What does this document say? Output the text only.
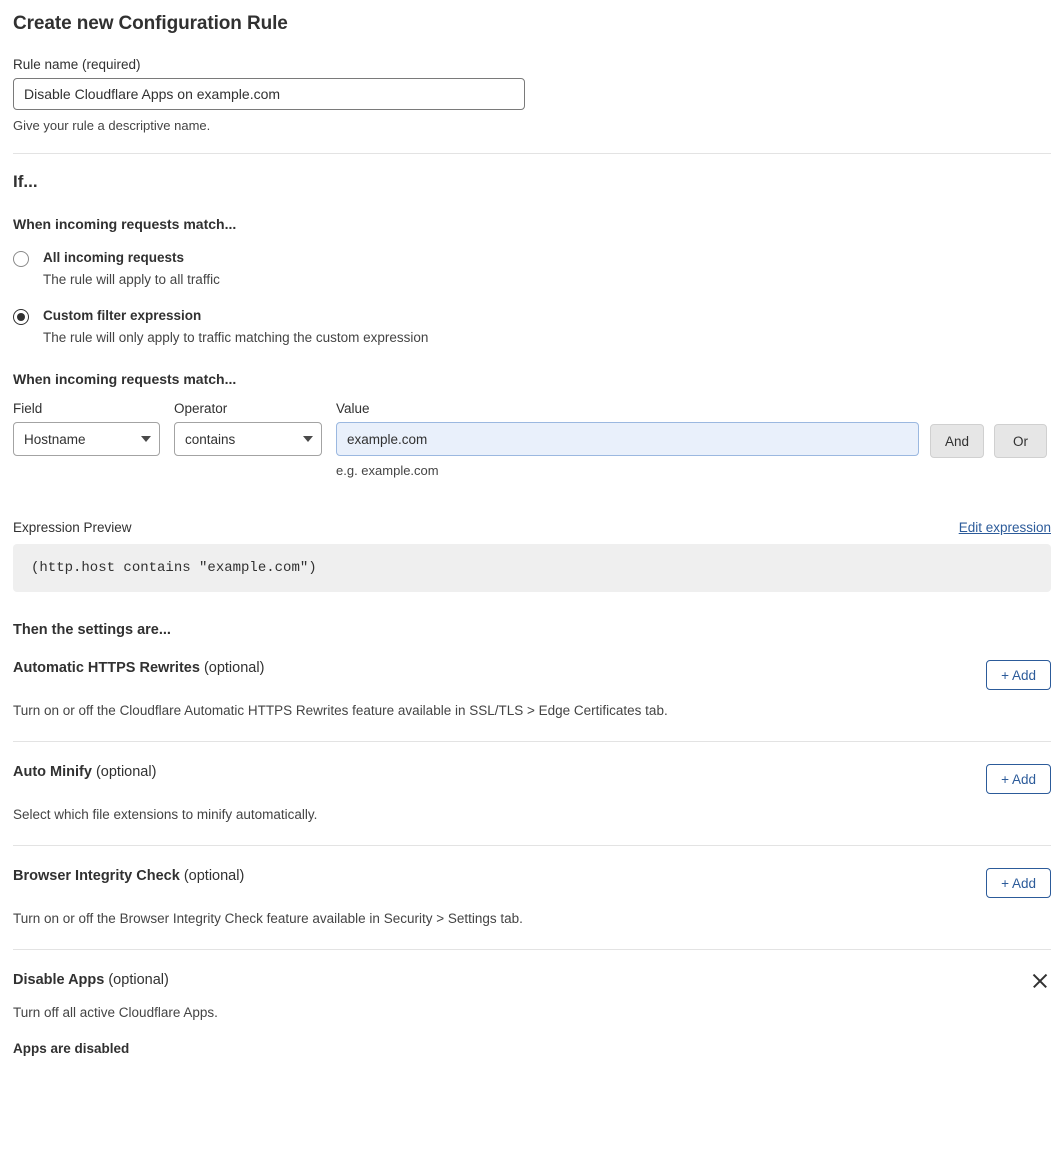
Create new Configuration Rule
Rule name (required)
Disable Cloudflare Apps on example.com
Give your rule a descriptive name.
If...
When incoming requests match...
All incoming requests
The rule will apply to all traffic
Custom filter expression
The rule will only apply to traffic matching the custom expression
When incoming requests match...
Field
Hostname
Operator
contains
Value
example.com
e.g. example.com
And	Or
Expression Preview	Edit expression
(http.host contains "example.com")
Then the settings are...
Automatic HTTPS Rewrites (optional)	+ Add
Turn on or off the Cloudflare Automatic HTTPS Rewrites feature available in SSL/TLS > Edge Certificates tab.
Auto Minify (optional)	+ Add
Select which file extensions to minify automatically.
Browser Integrity Check (optional)	+ Add
Turn on or off the Browser Integrity Check feature available in Security > Settings tab.
Disable Apps (optional)
Turn off all active Cloudflare Apps.
Apps are disabled
